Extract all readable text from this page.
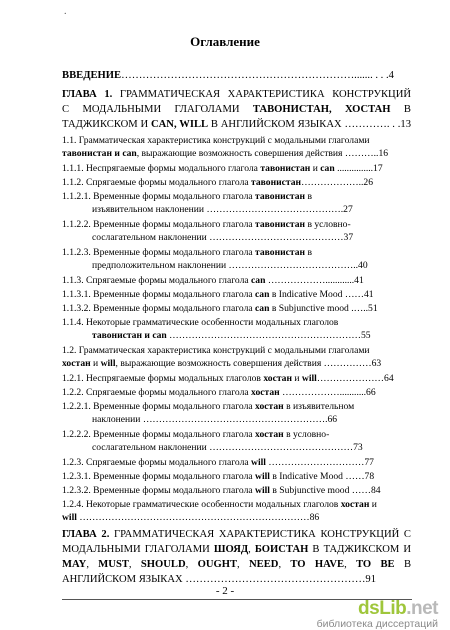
.
Оглавление
ВВЕДЕНИЕ…………………………………………………………....... . . .4
ГЛАВА 1. ГРАММАТИЧЕСКАЯ ХАРАКТЕРИСТИКА КОНСТРУКЦИЙ
С МОДАЛЬНЫМИ ГЛАГОЛАМИ ТАВОНИСТАН, ХОСТАН В
ТАДЖИКСКОМ И CAN, WILL В АНГЛИЙСКОМ ЯЗЫКАХ …………. . .13
1.1. Грамматическая характеристика конструкций с модальными глаголами
тавонистан и can, выражающие возможность совершения действия ………..16
1.1.1. Неспрягаемые формы модального глагола тавонистан и can ...............17
1.1.2. Спрягаемые формы модального глагола тавонистан………………..26
1.1.2.1. Временные формы модального глагола тавонистан в
изъявительном наклонении …………………………………….27
1.1.2.2. Временные формы модального глагола тавонистан в условно-
сослагательном наклонении ……………………………………37
1.1.2.3. Временные формы модального глагола тавонистан в
предположительном наклонении …………………………………..40
1.1.3. Спрягаемые формы модального глагола can ………………............41
1.1.3.1. Временные формы модального глагола can в Indicative Mood ……41
1.1.3.2. Временные формы модального глагола can в Subjunctive mood .…..51
1.1.4. Некоторые грамматические особенности модальных глаголов
тавонистан и can ……………………………………………………55
1.2. Грамматическая характеристика конструкций с модальными глаголами
хостан и will, выражающие возможность совершения действия ……………63
1.2.1. Неспрягаемые формы модальных глаголов хостан и will…………………64
1.2.2. Спрягаемые формы модального глагола хостан ………………...........66
1.2.2.1. Временные формы модального глагола хостан в изъявительном
наклонении ………………………………………………….66
1.2.2.2. Временные формы модального глагола хостан в условно-
сослагательном наклонении ………………………………………73
1.2.3. Спрягаемые формы модального глагола will …………………………77
1.2.3.1. Временные формы модального глагола will в Indicative Mood ……78
1.2.3.2. Временные формы модального глагола will в Subjunctive mood ……84
1.2.4. Некоторые грамматические особенности модальных глаголов хостан и
will ………………………………………………………………86
ГЛАВА 2. ГРАММАТИЧЕСКАЯ ХАРАКТЕРИСТИКА КОНСТРУКЦИЙ С
МОДАЛЬНЫМИ ГЛАГОЛАМИ ШОЯД, БОИСТАН В ТАДЖИКСКОМ И
MAY, MUST, SHOULD, OUGHT, NEED, TO HAVE, TO BE В
АНГЛИЙСКОМ ЯЗЫКАХ ……………………………………………91
- 2 -
dsLib.net
библиотека диссертаций
